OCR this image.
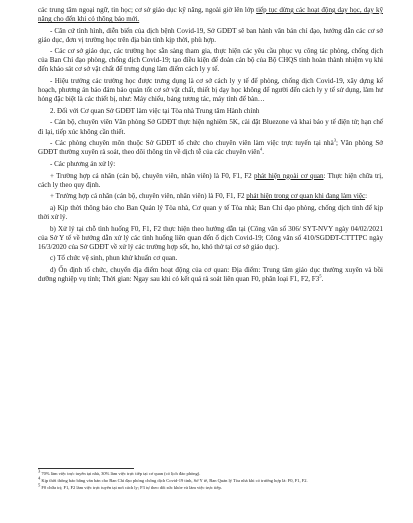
các trung tâm ngoại ngữ, tin học; cơ sở giáo dục kỹ năng, ngoài giờ lên lớp tiếp tục dừng các hoạt động dạy học, dạy kỹ năng cho đến khi có thông báo mới.

- Căn cứ tình hình, diễn biến của dịch bệnh Covid-19, Sở GDĐT sẽ ban hành văn bản chỉ đạo, hướng dẫn các cơ sở giáo dục, đơn vị trường học trên địa bàn tỉnh kịp thời, phù hợp.

- Các cơ sở giáo dục, các trường học sẵn sàng tham gia, thực hiện các yêu cầu phục vụ công tác phòng, chống dịch của Ban Chỉ đạo phòng, chống dịch Covid-19; tạo điều kiện để đoàn cán bộ của Bộ CHQS tỉnh hoàn thành nhiệm vụ khi đến khảo sát cơ sở vật chất để trưng dụng làm điểm cách ly y tế.

- Hiệu trưởng các trường học được trưng dụng là cơ sở cách ly y tế để phòng, chống dịch Covid-19, xây dựng kế hoạch, phương án bảo đảm bảo quản tốt cơ sở vật chất, thiết bị dạy học không để người đến cách ly y tế sử dụng, làm hư hỏng đặc biệt là các thiết bị, như: Máy chiếu, bảng tương tác, máy tính để bàn…

2. Đối với Cơ quan Sở GDĐT làm việc tại Tòa nhà Trung tâm Hành chính

- Cán bộ, chuyên viên Văn phòng Sở GDĐT thực hiện nghiêm 5K, cài đặt Bluezone và khai báo y tế điện tử; hạn chế đi lại, tiếp xúc không cần thiết.

- Các phòng chuyên môn thuộc Sở GDĐT tổ chức cho chuyên viên làm việc trực tuyến tại nhà$^3$; Văn phòng Sở GDĐT thường xuyên rà soát, theo dõi thông tin về dịch tễ của các chuyên viên$^4$.

- Các phương án xử lý:

+ Trường hợp cá nhân (cán bộ, chuyên viên, nhân viên) là F0, F1, F2 phát hiện ngoài cơ quan: Thực hiện chữa trị, cách ly theo quy định.

+ Trường hợp cá nhân (cán bộ, chuyên viên, nhân viên) là F0, F1, F2 phát hiện trong cơ quan khi đang làm việc:

a) Kịp thời thông báo cho Ban Quản lý Tòa nhà, Cơ quan y tế Tòa nhà; Ban Chỉ đạo phòng, chống dịch tỉnh để kịp thời xử lý.

b) Xử lý tại chỗ tình huống F0, F1, F2 thực hiện theo hướng dẫn tại (Công văn số 306/ SYT-NVY ngày 04/02/2021 của Sở Y tế về hướng dẫn xử lý các tình huống liên quan đến ổ dịch Covid-19; Công văn số 410/SGDĐT-CTTTPC ngày 16/3/2020 của Sở GDĐT về xử lý các trường hợp sốt, ho, khó thở tại cơ sở giáo dục).

c) Tổ chức vệ sinh, phun khử khuẩn cơ quan.

d) Ổn định tổ chức, chuyển địa điểm hoạt động của cơ quan: Địa điểm: Trung tâm giáo dục thường xuyên và bồi dưỡng nghiệp vụ tỉnh; Thời gian: Ngay sau khi có kết quả rà soát liên quan F0, phân loại F1, F2, $F3^5$.

$^3$ 70% làm việc trực tuyến tại nhà, 30% làm việc trực tiếp tại cơ quan (có lịch đảo phòng).

$^4$ Kịp thời thông báo bằng văn bản cho Ban Chỉ đạo phòng chống dịch Covid-19 tỉnh, Sở Y tế, Ban Quản lý Tòa nhà khi có trường hợp là: F0, F1, F2.

$^5$ F0 chữa trị; F1, F2 làm việc trực tuyến tại nơi cách ly; F3 tự theo dõi sức khỏe và làm việc trực tiếp.
